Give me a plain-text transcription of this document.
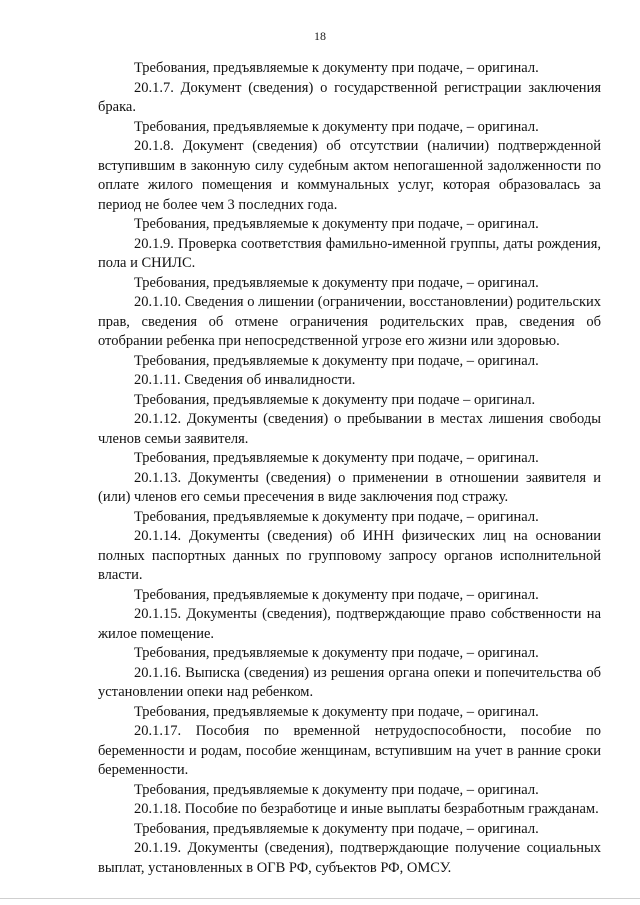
18

Требования, предъявляемые к документу при подаче, – оригинал.

20.1.7. Документ (сведения) о государственной регистрации заключения брака.

Требования, предъявляемые к документу при подаче, – оригинал.

20.1.8. Документ (сведения) об отсутствии (наличии) подтвержденной вступившим в законную силу судебным актом непогашенной задолженности по оплате жилого помещения и коммунальных услуг, которая образовалась за период не более чем 3 последних года.

Требования, предъявляемые к документу при подаче, – оригинал.

20.1.9. Проверка соответствия фамильно-именной группы, даты рождения, пола и СНИЛС.

Требования, предъявляемые к документу при подаче, – оригинал.

20.1.10. Сведения о лишении (ограничении, восстановлении) родительских прав, сведения об отмене ограничения родительских прав, сведения об отобрании ребенка при непосредственной угрозе его жизни или здоровью.

Требования, предъявляемые к документу при подаче, – оригинал.

20.1.11. Сведения об инвалидности.

Требования, предъявляемые к документу при подаче – оригинал.

20.1.12. Документы (сведения) о пребывании в местах лишения свободы членов семьи заявителя.

Требования, предъявляемые к документу при подаче, – оригинал.

20.1.13. Документы (сведения) о применении в отношении заявителя и (или) членов его семьи пресечения в виде заключения под стражу.

Требования, предъявляемые к документу при подаче, – оригинал.

20.1.14. Документы (сведения) об ИНН физических лиц на основании полных паспортных данных по групповому запросу органов исполнительной власти.

Требования, предъявляемые к документу при подаче, – оригинал.

20.1.15. Документы (сведения), подтверждающие право собственности на жилое помещение.

Требования, предъявляемые к документу при подаче, – оригинал.

20.1.16. Выписка (сведения) из решения органа опеки и попечительства об установлении опеки над ребенком.

Требования, предъявляемые к документу при подаче, – оригинал.

20.1.17. Пособия по временной нетрудоспособности, пособие по беременности и родам, пособие женщинам, вступившим на учет в ранние сроки беременности.

Требования, предъявляемые к документу при подаче, – оригинал.

20.1.18. Пособие по безработице и иные выплаты безработным гражданам.

Требования, предъявляемые к документу при подаче, – оригинал.

20.1.19. Документы (сведения), подтверждающие получение социальных выплат, установленных в ОГВ РФ, субъектов РФ, ОМСУ.
